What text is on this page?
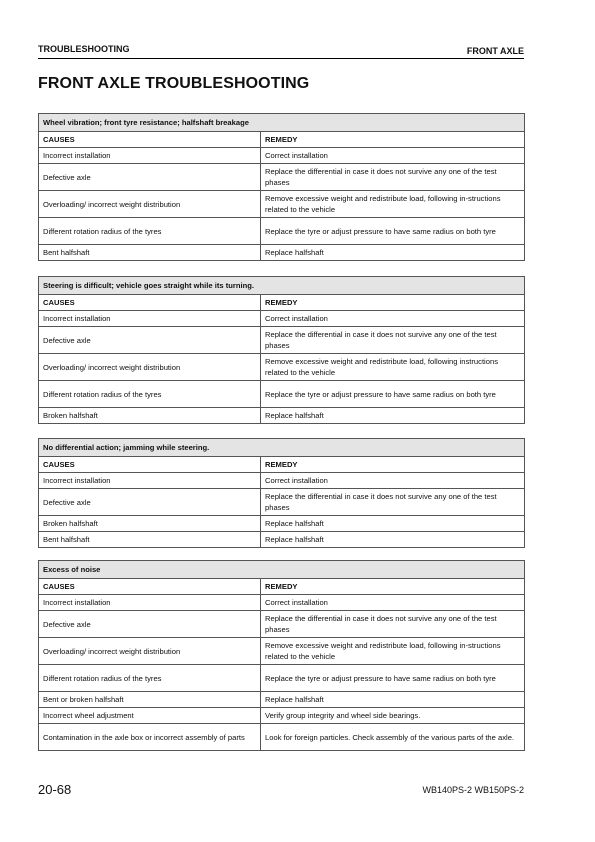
TROUBLESHOOTING	FRONT AXLE
FRONT AXLE TROUBLESHOOTING
Wheel vibration; front tyre resistance; halfshaft breakage	
CAUSES	REMEDY
Incorrect installation	Correct installation
Defective axle	Replace the differential in case it does not survive any one of the test phases
Overloading/ incorrect weight distribution	Remove excessive weight and redistribute load, following in-structions related to the vehicle
Different rotation radius of the tyres	Replace the tyre or adjust pressure to have same radius on both tyre
Bent halfshaft	Replace halfshaft
Steering is difficult; vehicle goes straight while its turning.	
CAUSES	REMEDY
Incorrect installation	Correct installation
Defective axle	Replace the differential in case it does not survive any one of the test phases
Overloading/ incorrect weight distribution	Remove excessive weight and redistribute load, following instructions related to the vehicle
Different rotation radius of the tyres	Replace the tyre or adjust pressure to have same radius on both tyre
Broken halfshaft	Replace halfshaft
No differential action; jamming while steering.	
CAUSES	REMEDY
Incorrect installation	Correct installation
Defective axle	Replace the differential in case it does not survive any one of the test phases
Broken halfshaft	Replace halfshaft
Bent halfshaft	Replace halfshaft
Excess of noise	
CAUSES	REMEDY
Incorrect installation	Correct installation
Defective axle	Replace the differential in case it does not survive any one of the test phases
Overloading/ incorrect weight distribution	Remove excessive weight and redistribute load, following in-structions related to the vehicle
Different rotation radius of the tyres	Replace the tyre or adjust pressure to have same radius on both tyre
Bent or broken halfshaft	Replace halfshaft
Incorrect wheel adjustment	Verify group integrity and wheel side bearings.
Contamination in the axle box or incorrect assembly of parts	Look for foreign particles. Check assembly of the various parts of the axle.
20-68	WB140PS-2 WB150PS-2
